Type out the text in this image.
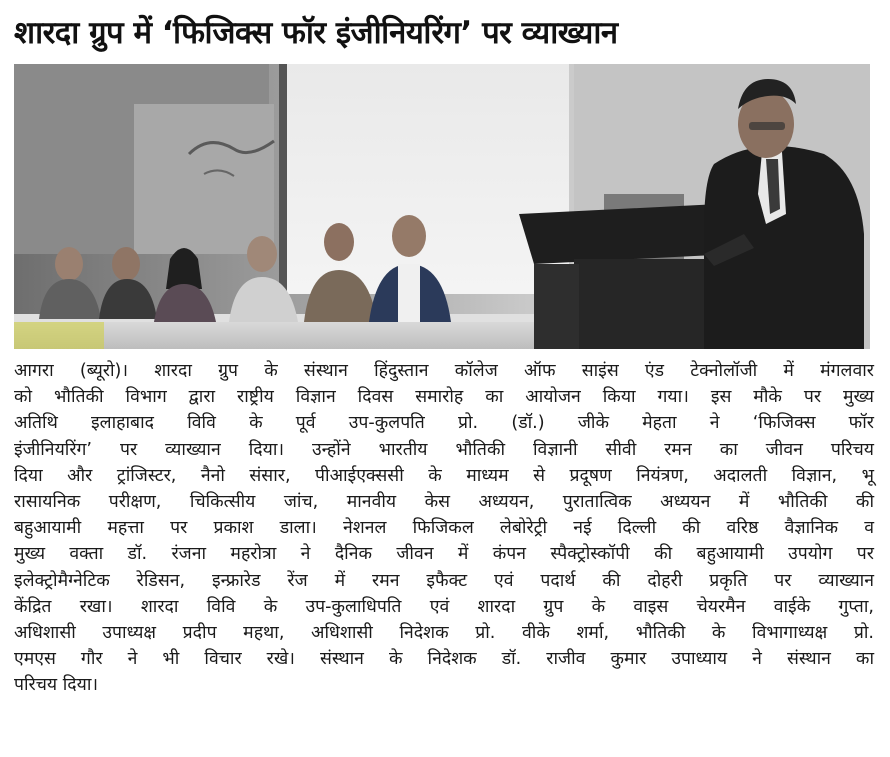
शारदा ग्रुप में ‘फिजिक्स फॉर इंजीनियरिंग’ पर व्याख्यान
आगरा (ब्यूरो)। शारदा ग्रुप के संस्थान हिंदुस्तान कॉलेज ऑफ साइंस एंड टेक्नोलॉजी में मंगलवार
को भौतिकी विभाग द्वारा राष्ट्रीय विज्ञान दिवस समारोह का आयोजन किया गया। इस मौके पर मुख्य
अतिथि इलाहाबाद विवि के पूर्व उप-कुलपति प्रो. (डॉ.) जीके मेहता ने ‘फिजिक्स फॉर
इंजीनियरिंग’ पर व्याख्यान दिया। उन्होंने भारतीय भौतिकी विज्ञानी सीवी रमन का जीवन परिचय
दिया और ट्रांजिस्टर, नैनो संसार, पीआईएक्ससी के माध्यम से प्रदूषण नियंत्रण, अदालती विज्ञान, भू
रासायनिक परीक्षण, चिकित्सीय जांच, मानवीय केस अध्ययन, पुरातात्विक अध्ययन में भौतिकी की
बहुआयामी महत्ता पर प्रकाश डाला। नेशनल फिजिकल लेबोरेट्री नई दिल्ली की वरिष्ठ वैज्ञानिक व
मुख्य वक्ता डॉ. रंजना महरोत्रा ने दैनिक जीवन में कंपन स्पैक्ट्रोस्कॉपी की बहुआयामी उपयोग पर
इलेक्ट्रोमैग्नेटिक रेडिसन, इन्फ्रारेड रेंज में रमन इफैक्ट एवं पदार्थ की दोहरी प्रकृति पर व्याख्यान
केंद्रित रखा। शारदा विवि के उप-कुलाधिपति एवं शारदा ग्रुप के वाइस चेयरमैन वाईके गुप्ता,
अधिशासी उपाध्यक्ष प्रदीप महथा, अधिशासी निदेशक प्रो. वीके शर्मा, भौतिकी के विभागाध्यक्ष प्रो.
एमएस गौर ने भी विचार रखे। संस्थान के निदेशक डॉ. राजीव कुमार उपाध्याय ने संस्थान का
परिचय दिया।
